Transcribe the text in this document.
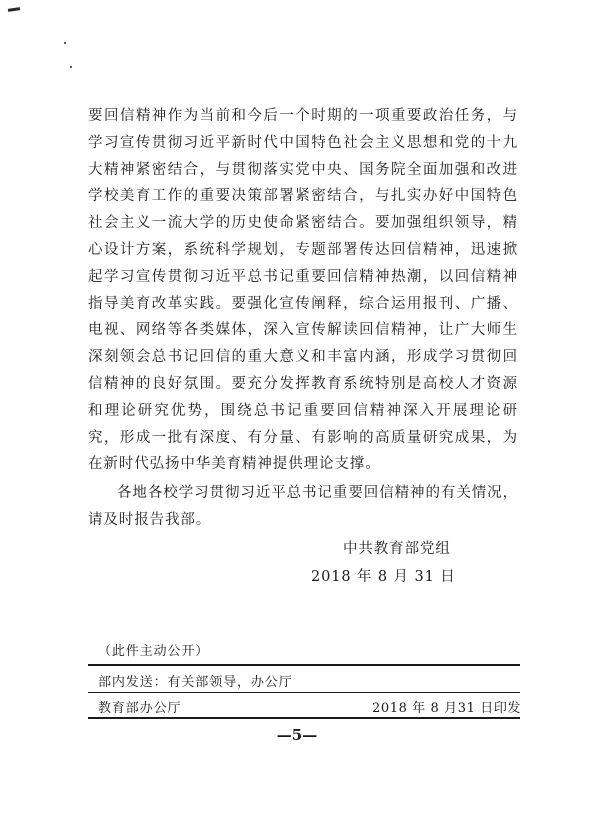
要回信精神作为当前和今后一个时期的一项重要政治任务，与学习宣传贯彻习近平新时代中国特色社会主义思想和党的十九大精神紧密结合，与贯彻落实党中央、国务院全面加强和改进学校美育工作的重要决策部署紧密结合，与扎实办好中国特色社会主义一流大学的历史使命紧密结合。要加强组织领导，精心设计方案，系统科学规划，专题部署传达回信精神，迅速掀起学习宣传贯彻习近平总书记重要回信精神热潮，以回信精神指导美育改革实践。要强化宣传阐释，综合运用报刊、广播、电视、网络等各类媒体，深入宣传解读回信精神，让广大师生深刻领会总书记回信的重大意义和丰富内涵，形成学习贯彻回信精神的良好氛围。要充分发挥教育系统特别是高校人才资源和理论研究优势，围绕总书记重要回信精神深入开展理论研究，形成一批有深度、有分量、有影响的高质量研究成果，为在新时代弘扬中华美育精神提供理论支撑。

各地各校学习贯彻习近平总书记重要回信精神的有关情况，请及时报告我部。

中共教育部党组
2018 年 8 月 31 日
（此件主动公开）
部内发送：有关部领导，办公厅
教育部办公厅	2018 年 8 月31 日印发
—5—
